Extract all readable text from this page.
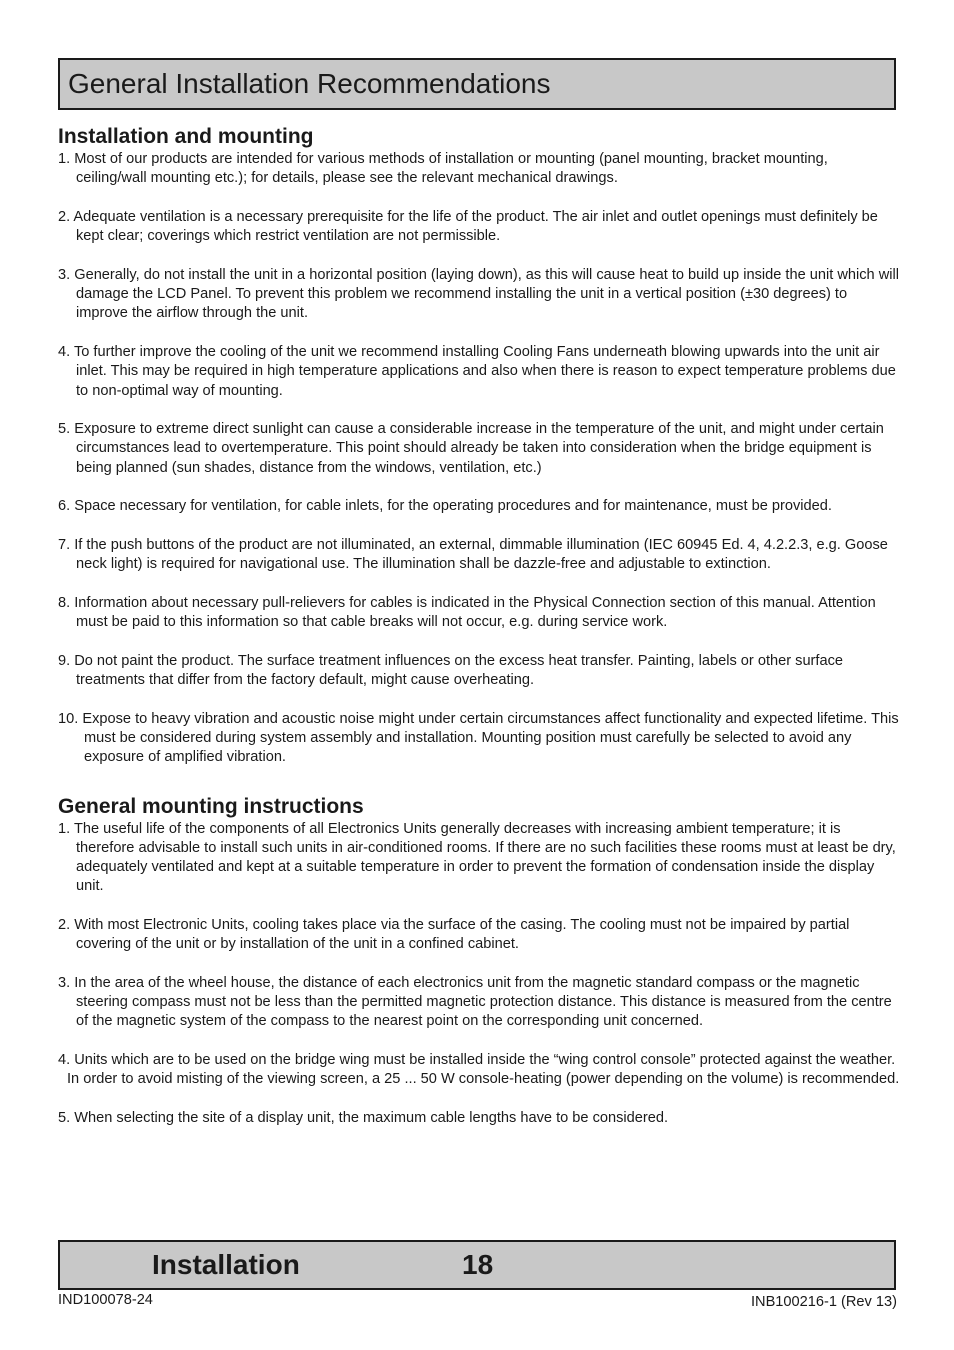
General Installation Recommendations
Installation and mounting

1. Most of our products are intended for various methods of installation or mounting (panel mounting, bracket mounting, ceiling/wall mounting etc.); for details, please see the relevant mechanical drawings.

2. Adequate ventilation is a necessary prerequisite for the life of the product. The air inlet and outlet openings must definitely be kept clear; coverings which restrict ventilation are not permissible.

3. Generally, do not install the unit in a horizontal position (laying down), as this will cause heat to build up inside the unit which will damage the LCD Panel. To prevent this problem we recommend installing the unit in a vertical position (±30 degrees) to improve the airflow through the unit.

4. To further improve the cooling of the unit we recommend installing Cooling Fans underneath blowing upwards into the unit air inlet. This may be required in high temperature applications and also when there is reason to expect temperature problems due to non-optimal way of mounting.

5. Exposure to extreme direct sunlight can cause a considerable increase in the temperature of the unit, and might under certain circumstances lead to overtemperature. This point should already be taken into consideration when the bridge equipment is being planned (sun shades, distance from the windows, ventilation, etc.)

6. Space necessary for ventilation, for cable inlets, for the operating procedures and for maintenance, must be provided.

7. If the push buttons of the product are not illuminated, an external, dimmable illumination (IEC 60945 Ed. 4, 4.2.2.3, e.g. Goose neck light) is required for navigational use. The illumination shall be dazzle-free and adjustable to extinction.

8. Information about necessary pull-relievers for cables is indicated in the Physical Connection section of this manual. Attention must be paid to this information so that cable breaks will not occur, e.g. during service work.

9. Do not paint the product. The surface treatment influences on the excess heat transfer. Painting, labels or other surface treatments that differ from the factory default, might cause overheating.

10. Expose to heavy vibration and acoustic noise might under certain circumstances affect functionality and expected lifetime. This must be considered during system assembly and installation. Mounting position must carefully be selected to avoid any exposure of amplified vibration.

General mounting instructions

1. The useful life of the components of all Electronics Units generally decreases with increasing ambient temperature; it is therefore advisable to install such units in air-conditioned rooms. If there are no such facilities these rooms must at least be dry, adequately ventilated and kept at a suitable temperature in order to prevent the formation of condensation inside the display unit.

2. With most Electronic Units, cooling takes place via the surface of the casing. The cooling must not be impaired by partial covering of the unit or by installation of the unit in a confined cabinet.

3. In the area of the wheel house, the distance of each electronics unit from the magnetic standard compass or the magnetic steering compass must not be less than the permitted magnetic protection distance. This distance is measured from the centre of the magnetic system of the compass to the nearest point on the corresponding unit concerned.

4. Units which are to be used on the bridge wing must be installed inside the “wing control console” protected against the weather. In order to avoid misting of the viewing screen, a 25 ... 50 W console-heating (power depending on the volume) is recommended.

5. When selecting the site of a display unit, the maximum cable lengths have to be considered.

Installation	18
IND100078-24	INB100216-1 (Rev 13)
